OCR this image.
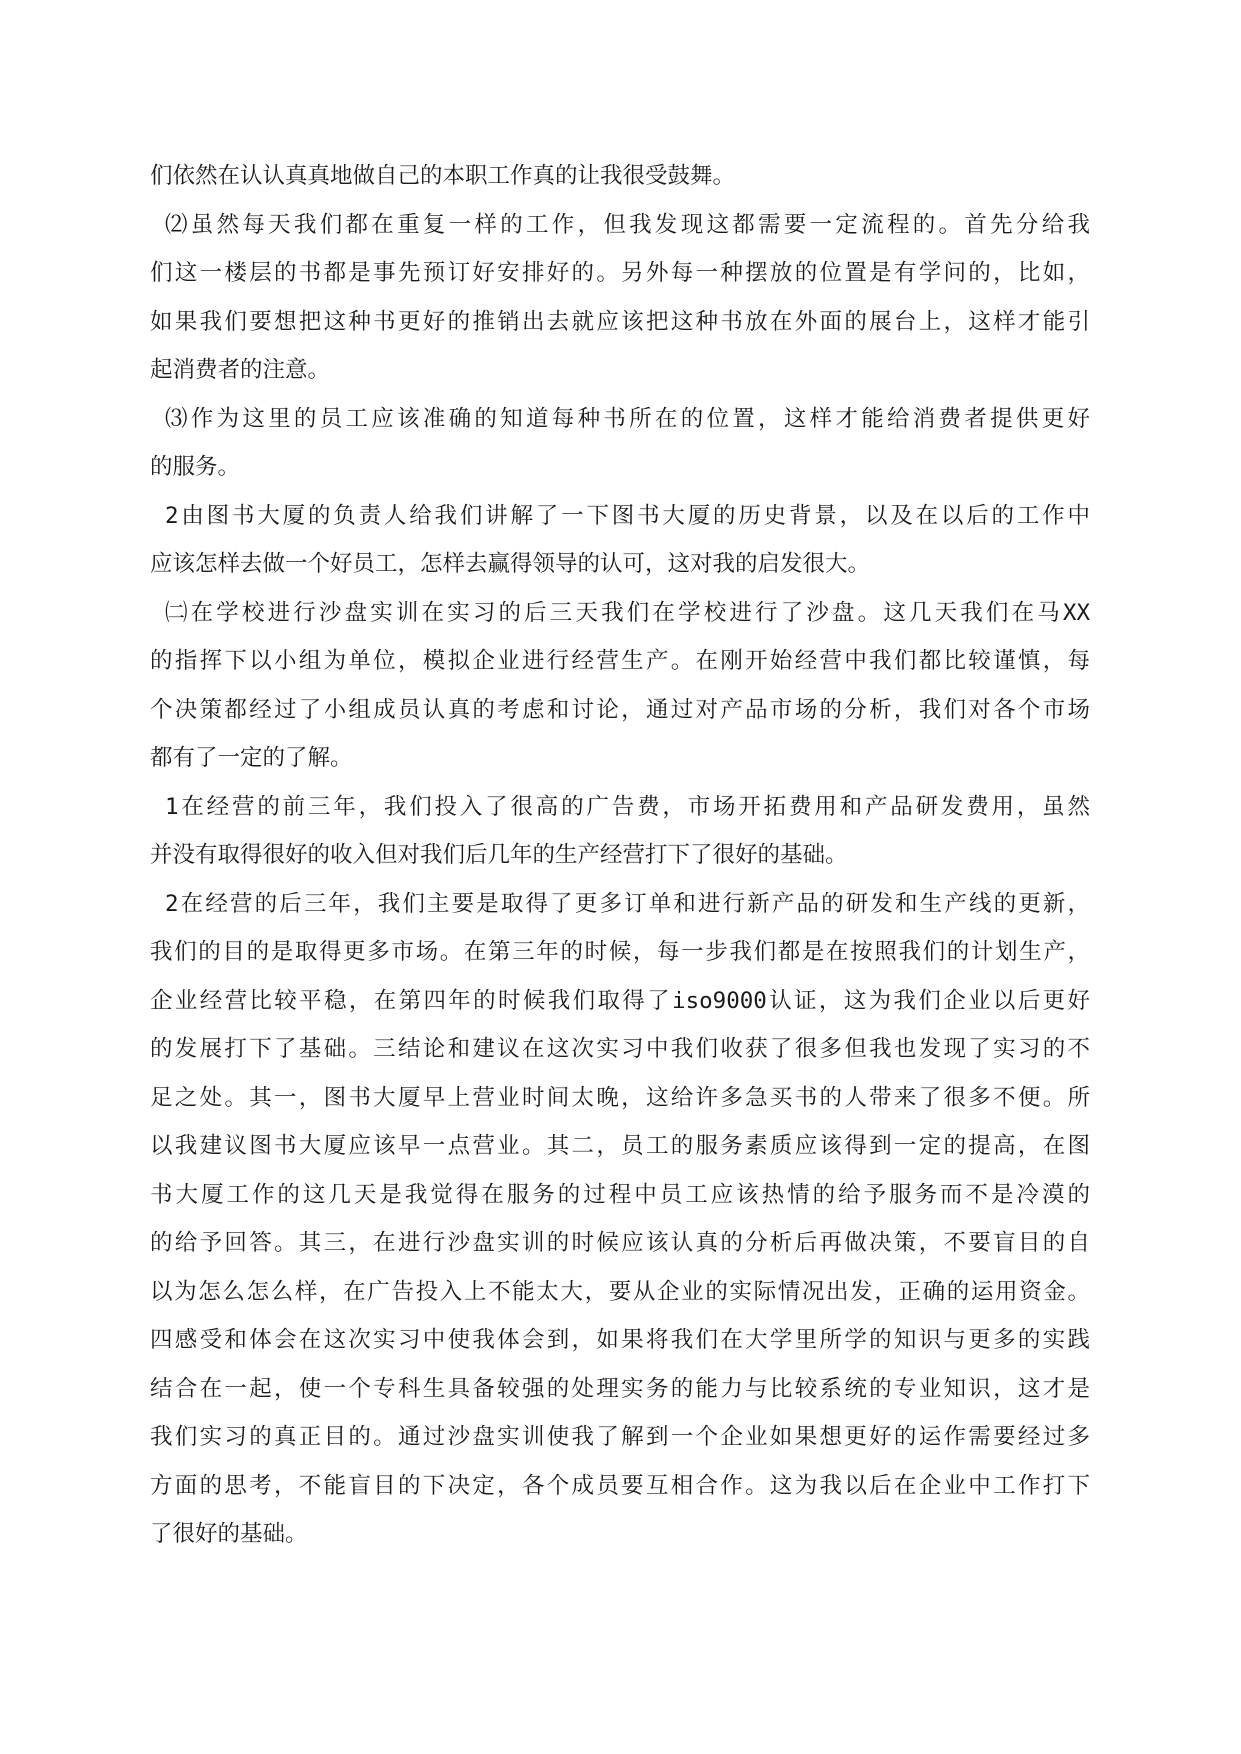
们依然在认认真真地做自己的本职工作真的让我很受鼓舞。
⑵虽然每天我们都在重复一样的工作，但我发现这都需要一定流程的。首先分给我
们这一楼层的书都是事先预订好安排好的。另外每一种摆放的位置是有学问的，比如，
如果我们要想把这种书更好的推销出去就应该把这种书放在外面的展台上，这样才能引
起消费者的注意。
⑶作为这里的员工应该准确的知道每种书所在的位置，这样才能给消费者提供更好
的服务。
2由图书大厦的负责人给我们讲解了一下图书大厦的历史背景，以及在以后的工作中
应该怎样去做一个好员工，怎样去赢得领导的认可，这对我的启发很大。
㈡在学校进行沙盘实训在实习的后三天我们在学校进行了沙盘。这几天我们在马XX
的指挥下以小组为单位，模拟企业进行经营生产。在刚开始经营中我们都比较谨慎，每
个决策都经过了小组成员认真的考虑和讨论，通过对产品市场的分析，我们对各个市场
都有了一定的了解。
1在经营的前三年，我们投入了很高的广告费，市场开拓费用和产品研发费用，虽然
并没有取得很好的收入但对我们后几年的生产经营打下了很好的基础。
2在经营的后三年，我们主要是取得了更多订单和进行新产品的研发和生产线的更新，
我们的目的是取得更多市场。在第三年的时候，每一步我们都是在按照我们的计划生产，
企业经营比较平稳，在第四年的时候我们取得了iso9000认证，这为我们企业以后更好
的发展打下了基础。三结论和建议在这次实习中我们收获了很多但我也发现了实习的不
足之处。其一，图书大厦早上营业时间太晚，这给许多急买书的人带来了很多不便。所
以我建议图书大厦应该早一点营业。其二，员工的服务素质应该得到一定的提高，在图
书大厦工作的这几天是我觉得在服务的过程中员工应该热情的给予服务而不是冷漠的
的给予回答。其三，在进行沙盘实训的时候应该认真的分析后再做决策，不要盲目的自
以为怎么怎么样，在广告投入上不能太大，要从企业的实际情况出发，正确的运用资金。
四感受和体会在这次实习中使我体会到，如果将我们在大学里所学的知识与更多的实践
结合在一起，使一个专科生具备较强的处理实务的能力与比较系统的专业知识，这才是
我们实习的真正目的。通过沙盘实训使我了解到一个企业如果想更好的运作需要经过多
方面的思考，不能盲目的下决定，各个成员要互相合作。这为我以后在企业中工作打下
了很好的基础。
